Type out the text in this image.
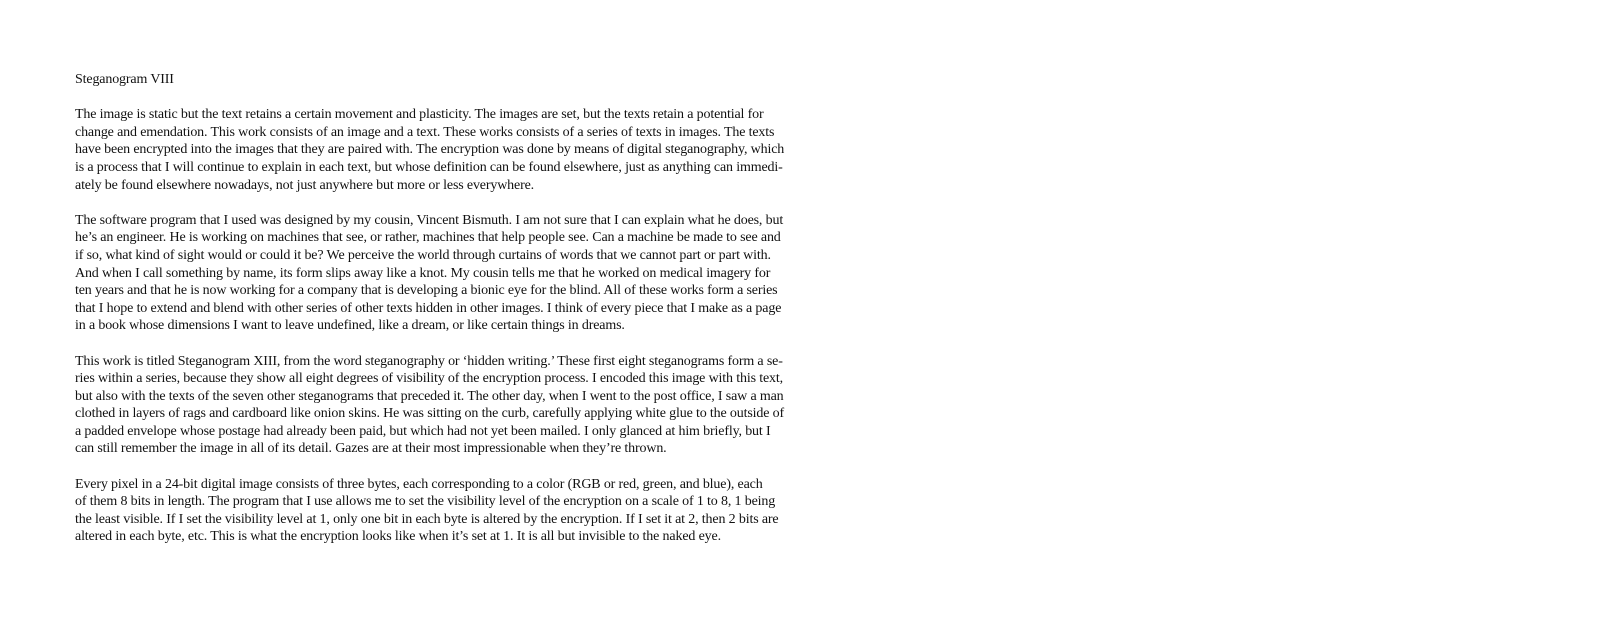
Steganogram VIII
The image is static but the text retains a certain movement and plasticity. The images are set, but the texts retain a potential for
change and emendation. This work consists of an image and a text. These works consists of a series of texts in images. The texts
have been encrypted into the images that they are paired with. The encryption was done by means of digital steganography, which
is a process that I will continue to explain in each text, but whose definition can be found elsewhere, just as anything can immedi-
ately be found elsewhere nowadays, not just anywhere but more or less everywhere.
The software program that I used was designed by my cousin, Vincent Bismuth. I am not sure that I can explain what he does, but
he’s an engineer. He is working on machines that see, or rather, machines that help people see. Can a machine be made to see and
if so, what kind of sight would or could it be? We perceive the world through curtains of words that we cannot part or part with.
And when I call something by name, its form slips away like a knot. My cousin tells me that he worked on medical imagery for
ten years and that he is now working for a company that is developing a bionic eye for the blind. All of these works form a series
that I hope to extend and blend with other series of other texts hidden in other images. I think of every piece that I make as a page
in a book whose dimensions I want to leave undefined, like a dream, or like certain things in dreams.
This work is titled Steganogram XIII, from the word steganography or ‘hidden writing.’ These first eight steganograms form a se-
ries within a series, because they show all eight degrees of visibility of the encryption process. I encoded this image with this text,
but also with the texts of the seven other steganograms that preceded it. The other day, when I went to the post office, I saw a man
clothed in layers of rags and cardboard like onion skins. He was sitting on the curb, carefully applying white glue to the outside of
a padded envelope whose postage had already been paid, but which had not yet been mailed. I only glanced at him briefly, but I
can still remember the image in all of its detail. Gazes are at their most impressionable when they’re thrown.
Every pixel in a 24-bit digital image consists of three bytes, each corresponding to a color (RGB or red, green, and blue), each
of them 8 bits in length. The program that I use allows me to set the visibility level of the encryption on a scale of 1 to 8, 1 being
the least visible. If I set the visibility level at 1, only one bit in each byte is altered by the encryption. If I set it at 2, then 2 bits are
altered in each byte, etc. This is what the encryption looks like when it’s set at 1. It is all but invisible to the naked eye.
